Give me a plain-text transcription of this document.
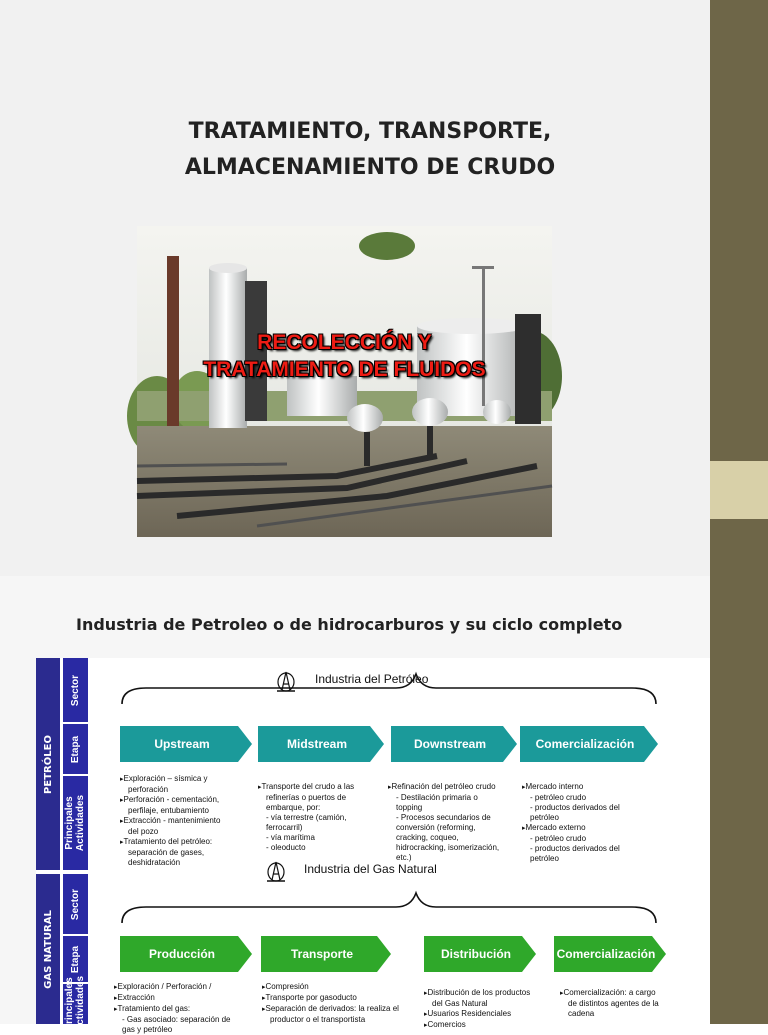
TRATAMIENTO, TRANSPORTE,
ALMACENAMIENTO DE CRUDO
RECOLECCIÓN Y
TRATAMIENTO DE FLUIDOS
Industria de Petroleo o de hidrocarburos y su ciclo completo
PETRÓLEO
Sector
Etapa
Principales
Actividades
GAS NATURAL
Sector
Etapa
Principales
Actividades
Industria del Petróleo
Industria del Gas Natural
Upstream	Midstream	Downstream	Comercialización
Producción	Transporte	Distribución	Comercialización
▸ Exploración – sísmica y
perforación
▸ Perforación - cementación,
perfilaje, entubamiento
▸ Extracción - mantenimiento
del pozo
▸ Tratamiento del petróleo:
separación de gases,
deshidratación
▸ Transporte del crudo a las
refinerías o puertos de
embarque, por:
- vía terrestre (camión,
ferrocarril)
- vía marítima
- oleoducto
▸ Refinación del petróleo crudo
- Destilación primaria o
topping
- Procesos secundarios de
conversión (reforming,
cracking, coqueo,
hidrocracking, isomerización,
etc.)
▸ Mercado interno
- petróleo crudo
- productos derivados del
petróleo
▸ Mercado externo
- petróleo crudo
- productos derivados del
petróleo
▸ Exploración / Perforación /
▸ Extracción
▸ Tratamiento del gas:
- Gas asociado: separación de
gas y petróleo
▸ Compresión
▸ Transporte por gasoducto
▸ Separación de derivados: la realiza el
productor o el transportista
▸ Distribución de los productos
del Gas Natural
▸ Usuarios Residenciales
▸ Comercios
▸ Comercialización: a cargo
de distintos agentes de la
cadena
